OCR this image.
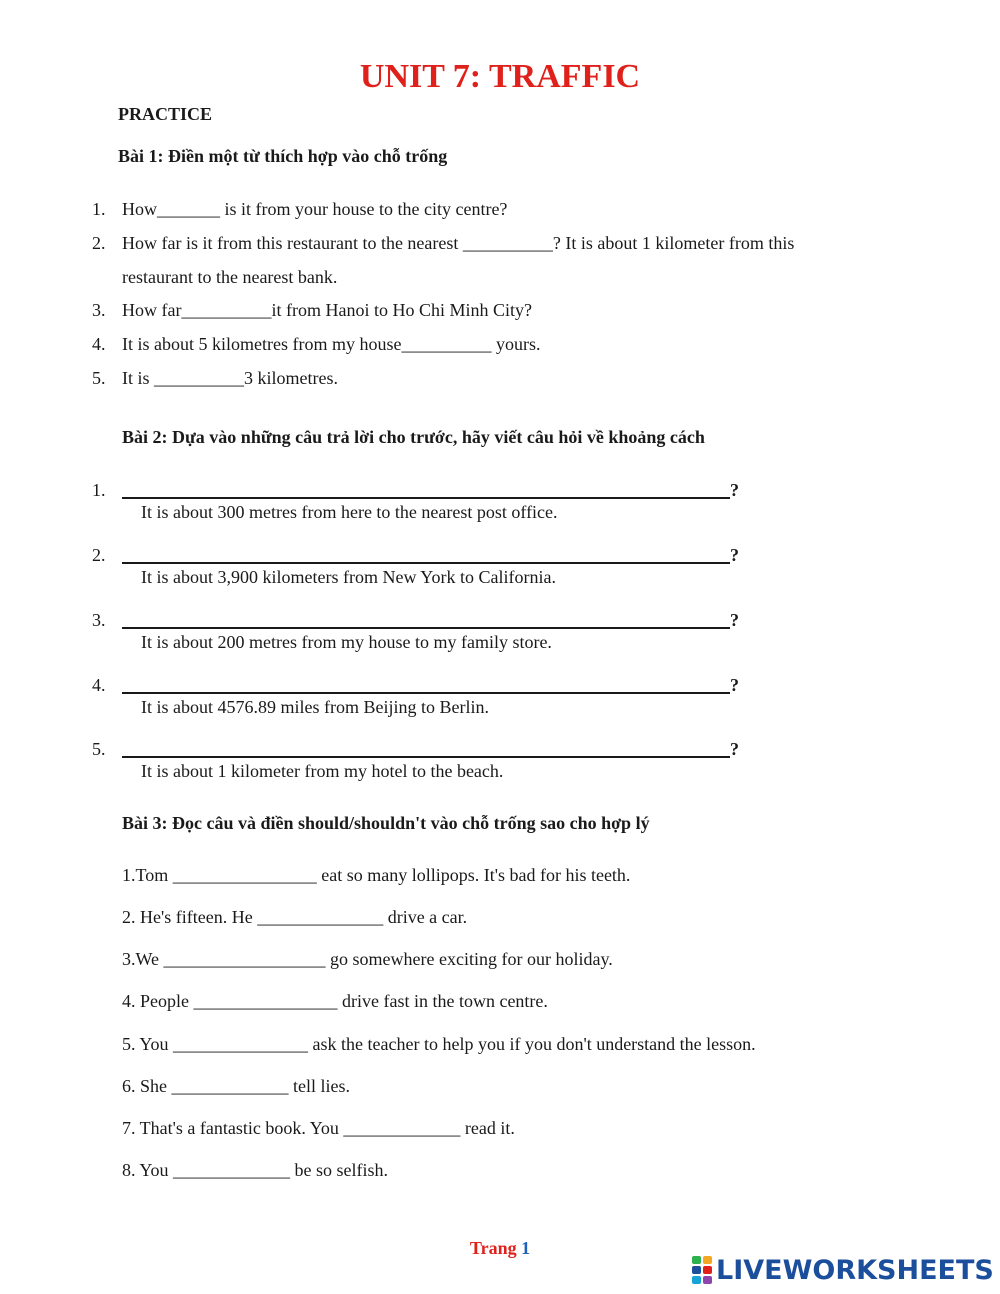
UNIT 7: TRAFFIC
PRACTICE
Bài 1: Điền một từ thích hợp vào chỗ trống
1. How_______ is it from your house to the city centre?
2. How far is it from this restaurant to the nearest __________? It is about 1 kilometer from this
restaurant to the nearest bank.
3. How far__________it from Hanoi to Ho Chi Minh City?
4. It is about 5 kilometres from my house__________ yours.
5. It is __________3 kilometres.
Bài 2: Dựa vào những câu trả lời cho trước, hãy viết câu hỏi về khoảng cách
1.	?
It is about 300 metres from here to the nearest post office.
2.	?
It is about 3,900 kilometers from New York to California.
3.	?
It is about 200 metres from my house to my family store.
4.	?
It is about 4576.89 miles from Beijing to Berlin.
5.	?
It is about 1 kilometer from my hotel to the beach.
Bài 3: Đọc câu và điền should/shouldn't vào chỗ trống sao cho hợp lý
1.Tom ________________ eat so many lollipops. It's bad for his teeth.
2. He's fifteen. He ______________ drive a car.
3.We __________________ go somewhere exciting for our holiday.
4. People ________________ drive fast in the town centre.
5. You _______________ ask the teacher to help you if you don't understand the lesson.
6. She _____________ tell lies.
7. That's a fantastic book. You _____________ read it.
8. You _____________ be so selfish.
Trang 1
LIVEWORKSHEETS
